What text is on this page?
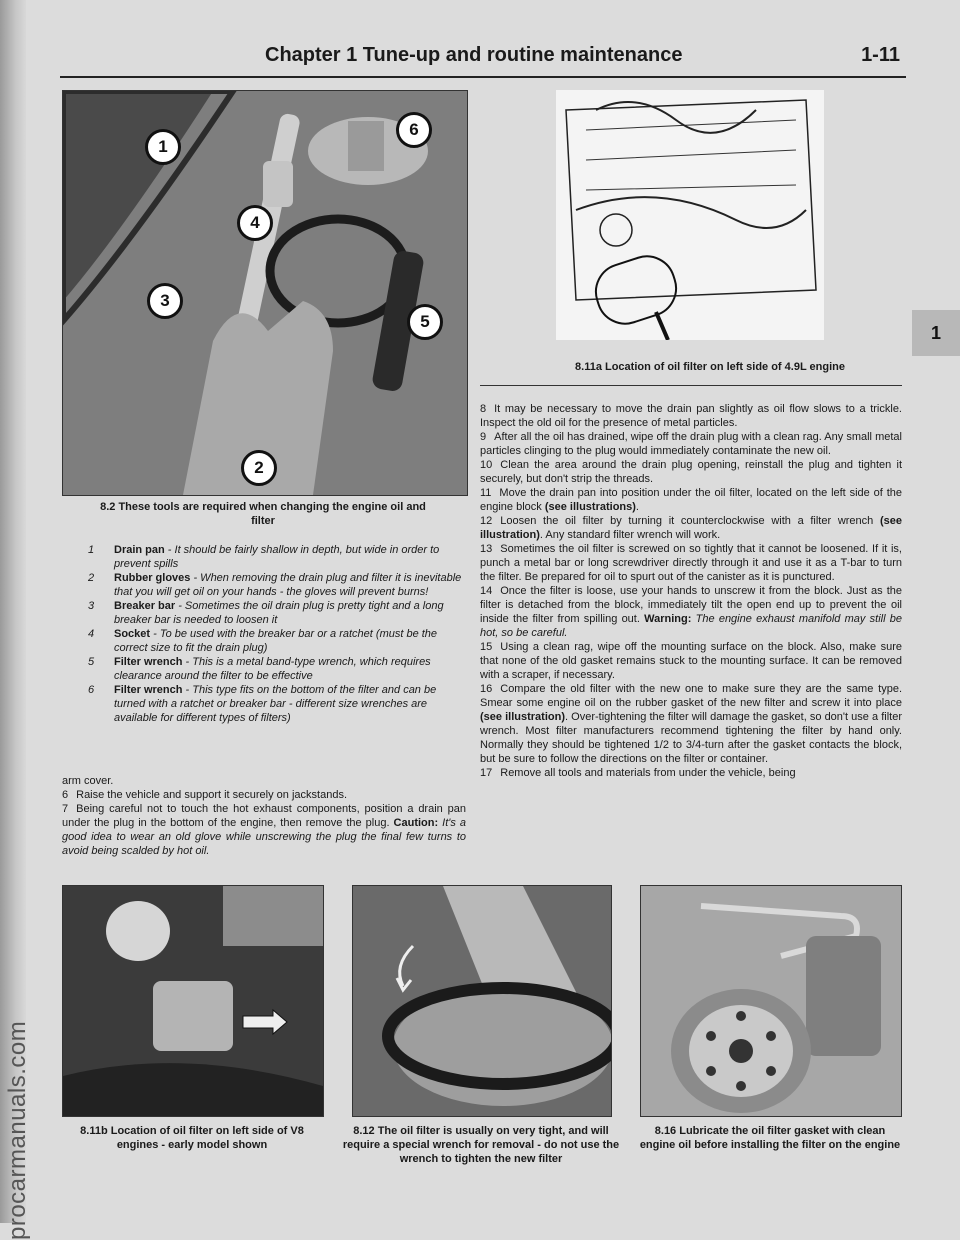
procarmanuals.com
Chapter 1 Tune-up and routine maintenance	1-11
1
1
2
3
4
5
6
8.2 These tools are required when changing the engine oil and filter
1 Drain pan - It should be fairly shallow in depth, but wide in order to prevent spills
2 Rubber gloves - When removing the drain plug and filter it is inevitable that you will get oil on your hands - the gloves will prevent burns!
3 Breaker bar - Sometimes the oil drain plug is pretty tight and a long breaker bar is needed to loosen it
4 Socket - To be used with the breaker bar or a ratchet (must be the correct size to fit the drain plug)
5 Filter wrench - This is a metal band-type wrench, which requires clearance around the filter to be effective
6 Filter wrench - This type fits on the bottom of the filter and can be turned with a ratchet or breaker bar - different size wrenches are available for different types of filters)

arm cover.

6 Raise the vehicle and support it securely on jackstands.

7 Being careful not to touch the hot exhaust components, position a drain pan under the plug in the bottom of the engine, then remove the plug. Caution: It's a good idea to wear an old glove while unscrewing the plug the final few turns to avoid being scalded by hot oil.

8.11a Location of oil filter on left side of 4.9L engine

8 It may be necessary to move the drain pan slightly as oil flow slows to a trickle. Inspect the old oil for the presence of metal particles.

9 After all the oil has drained, wipe off the drain plug with a clean rag. Any small metal particles clinging to the plug would immediately contaminate the new oil.

10 Clean the area around the drain plug opening, reinstall the plug and tighten it securely, but don't strip the threads.

11 Move the drain pan into position under the oil filter, located on the left side of the engine block (see illustrations).

12 Loosen the oil filter by turning it counterclockwise with a filter wrench (see illustration). Any standard filter wrench will work.

13 Sometimes the oil filter is screwed on so tightly that it cannot be loosened. If it is, punch a metal bar or long screwdriver directly through it and use it as a T-bar to turn the filter. Be prepared for oil to spurt out of the canister as it is punctured.

14 Once the filter is loose, use your hands to unscrew it from the block. Just as the filter is detached from the block, immediately tilt the open end up to prevent the oil inside the filter from spilling out. Warning: The engine exhaust manifold may still be hot, so be careful.

15 Using a clean rag, wipe off the mounting surface on the block. Also, make sure that none of the old gasket remains stuck to the mounting surface. It can be removed with a scraper, if necessary.

16 Compare the old filter with the new one to make sure they are the same type. Smear some engine oil on the rubber gasket of the new filter and screw it into place (see illustration). Over-tightening the filter will damage the gasket, so don't use a filter wrench. Most filter manufacturers recommend tightening the filter by hand only. Normally they should be tightened 1/2 to 3/4-turn after the gasket contacts the block, but be sure to follow the directions on the filter or container.

17 Remove all tools and materials from under the vehicle, being

8.11b Location of oil filter on left side of V8 engines - early model shown
8.12 The oil filter is usually on very tight, and will require a special wrench for removal - do not use the wrench to tighten the new filter
8.16 Lubricate the oil filter gasket with clean engine oil before installing the filter on the engine
